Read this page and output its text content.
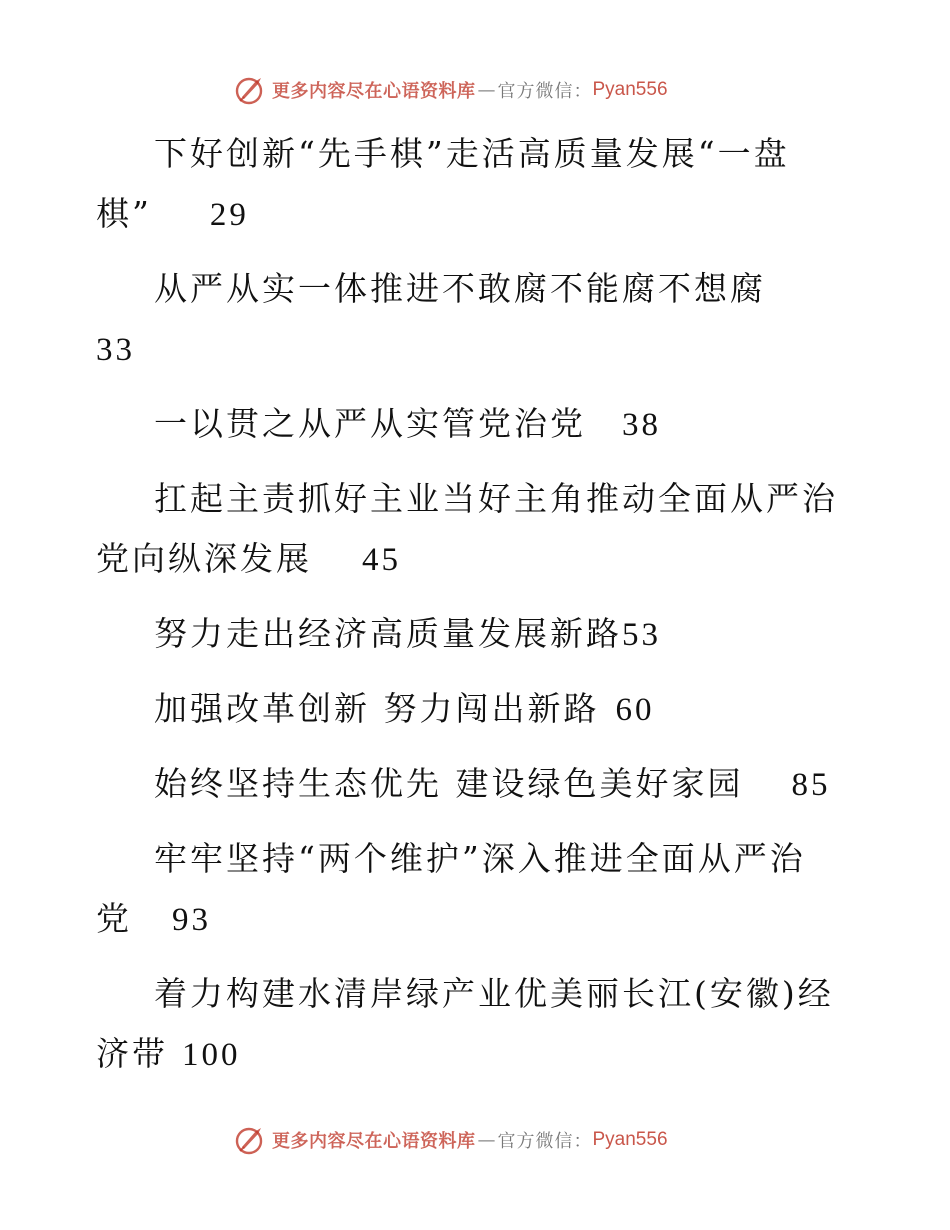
更多内容尽在心语资料库 — 官方微信： Pyan556

下好创新“先手棋”走活高质量发展“一盘棋” 29

从严从实一体推进不敢腐不能腐不想腐33

一以贯之从严从实管党治党 38

扛起主责抓好主业当好主角推动全面从严治党向纵深发展 45

努力走出经济高质量发展新路53

加强改革创新 努力闯出新路 60

始终坚持生态优先 建设绿色美好家园 85

牢牢坚持“两个维护”深入推进全面从严治党 93

着力构建水清岸绿产业优美丽长江(安徽)经济带 100

更多内容尽在心语资料库 — 官方微信： Pyan556
